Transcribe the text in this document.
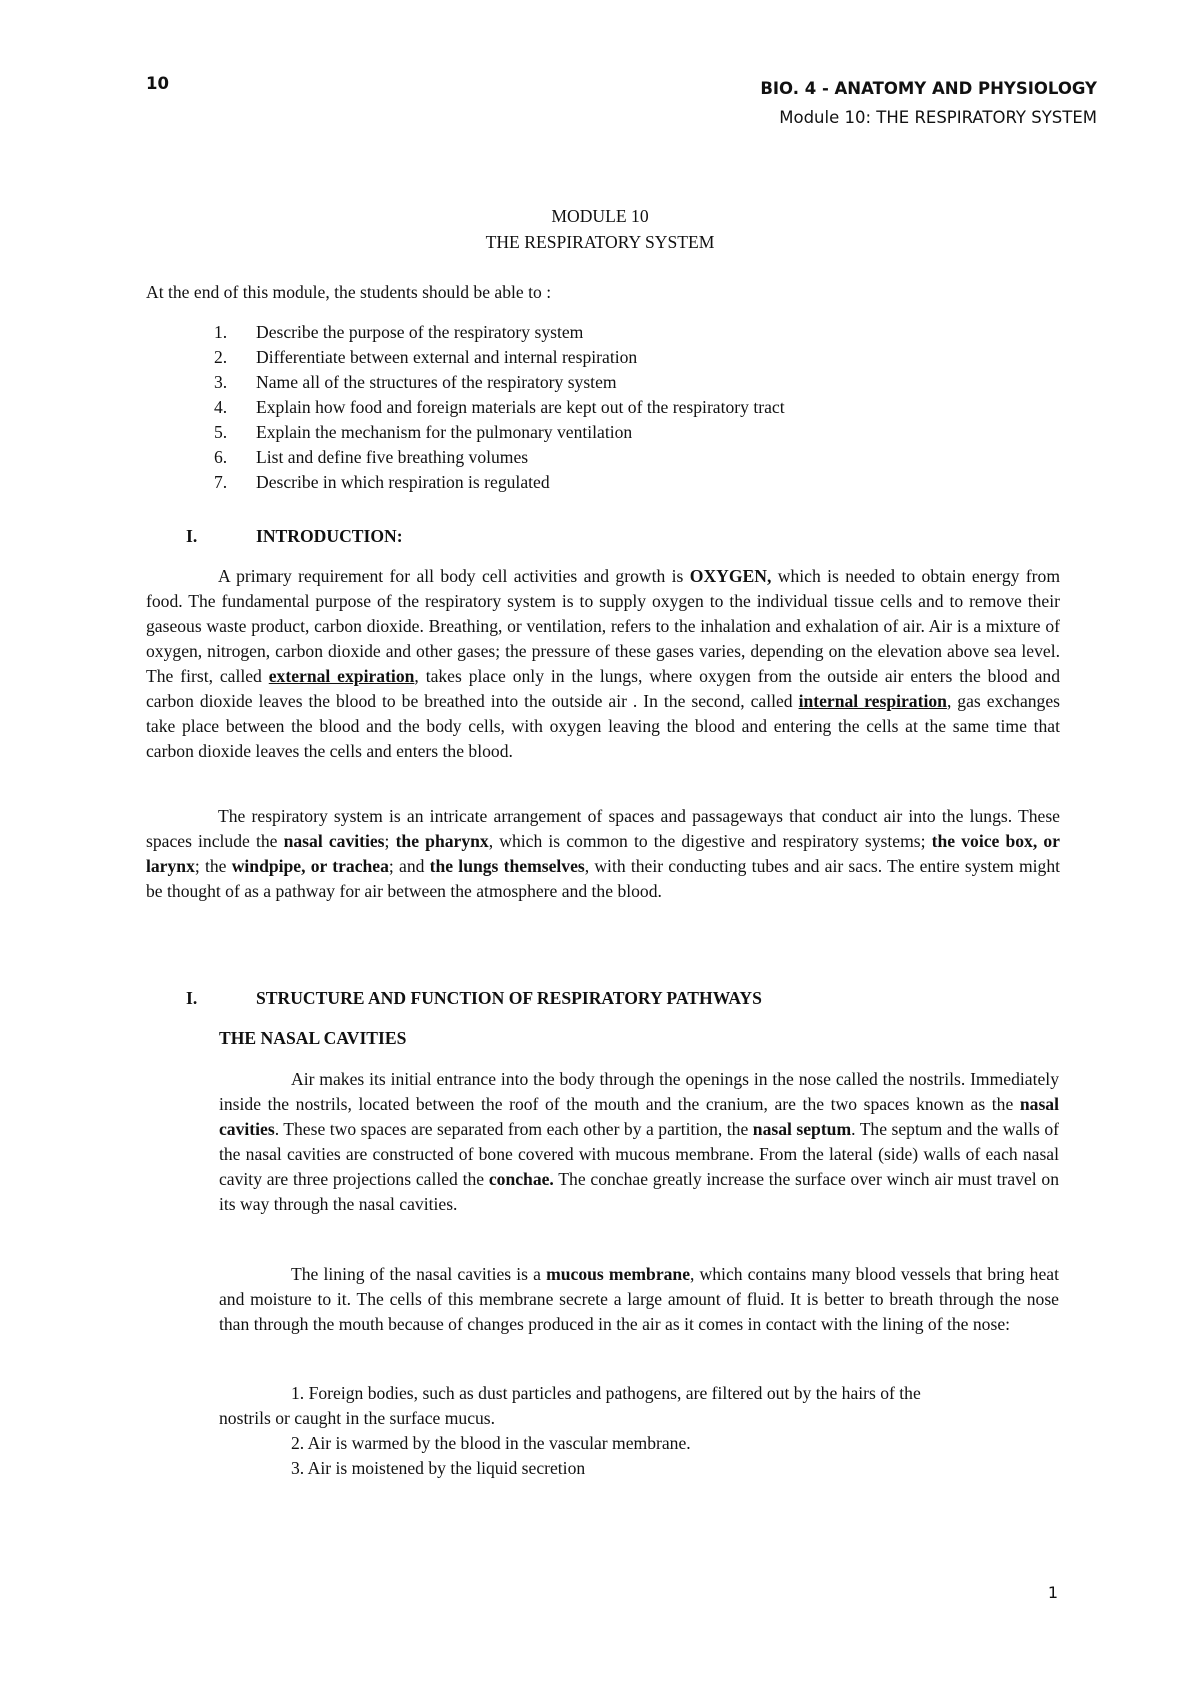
10	BIO. 4 - ANATOMY AND PHYSIOLOGY
Module 10: THE RESPIRATORY SYSTEM
MODULE 10
THE RESPIRATORY SYSTEM
At the end of this module, the students should be able to :
1.	Describe the purpose of the respiratory system
2.	Differentiate between external and internal respiration
3.	Name all of the structures of the respiratory system
4.	Explain how food and foreign materials are kept out of the respiratory tract
5.	Explain the mechanism for the pulmonary ventilation
6.	List and define five breathing volumes
7.	Describe in which respiration is regulated
I.	INTRODUCTION:

A primary requirement for all body cell activities and growth is OXYGEN, which is needed to obtain energy from food. The fundamental purpose of the respiratory system is to supply oxygen to the individual tissue cells and to remove their gaseous waste product, carbon dioxide. Breathing, or ventilation, refers to the inhalation and exhalation of air. Air is a mixture of oxygen, nitrogen, carbon dioxide and other gases; the pressure of these gases varies, depending on the elevation above sea level. The first, called external expiration, takes place only in the lungs, where oxygen from the outside air enters the blood and carbon dioxide leaves the blood to be breathed into the outside air . In the second, called internal respiration, gas exchanges take place between the blood and the body cells, with oxygen leaving the blood and entering the cells at the same time that carbon dioxide leaves the cells and enters the blood.

The respiratory system is an intricate arrangement of spaces and passageways that conduct air into the lungs. These spaces include the nasal cavities; the pharynx, which is common to the digestive and respiratory systems; the voice box, or larynx; the windpipe, or trachea; and the lungs themselves, with their conducting tubes and air sacs. The entire system might be thought of as a pathway for air between the atmosphere and the blood.

I.	STRUCTURE AND FUNCTION OF RESPIRATORY PATHWAYS
THE NASAL CAVITIES

Air makes its initial entrance into the body through the openings in the nose called the nostrils. Immediately inside the nostrils, located between the roof of the mouth and the cranium, are the two spaces known as the nasal cavities. These two spaces are separated from each other by a partition, the nasal septum. The septum and the walls of the nasal cavities are constructed of bone covered with mucous membrane. From the lateral (side) walls of each nasal cavity are three projections called the conchae. The conchae greatly increase the surface over winch air must travel on its way through the nasal cavities.

The lining of the nasal cavities is a mucous membrane, which contains many blood vessels that bring heat and moisture to it. The cells of this membrane secrete a large amount of fluid. It is better to breath through the nose than through the mouth because of changes produced in the air as it comes in contact with the lining of the nose:

1. Foreign bodies, such as dust particles and pathogens, are filtered out by the hairs of the
nostrils or caught in the surface mucus.
2. Air is warmed by the blood in the vascular membrane.
3. Air is moistened by the liquid secretion
1
